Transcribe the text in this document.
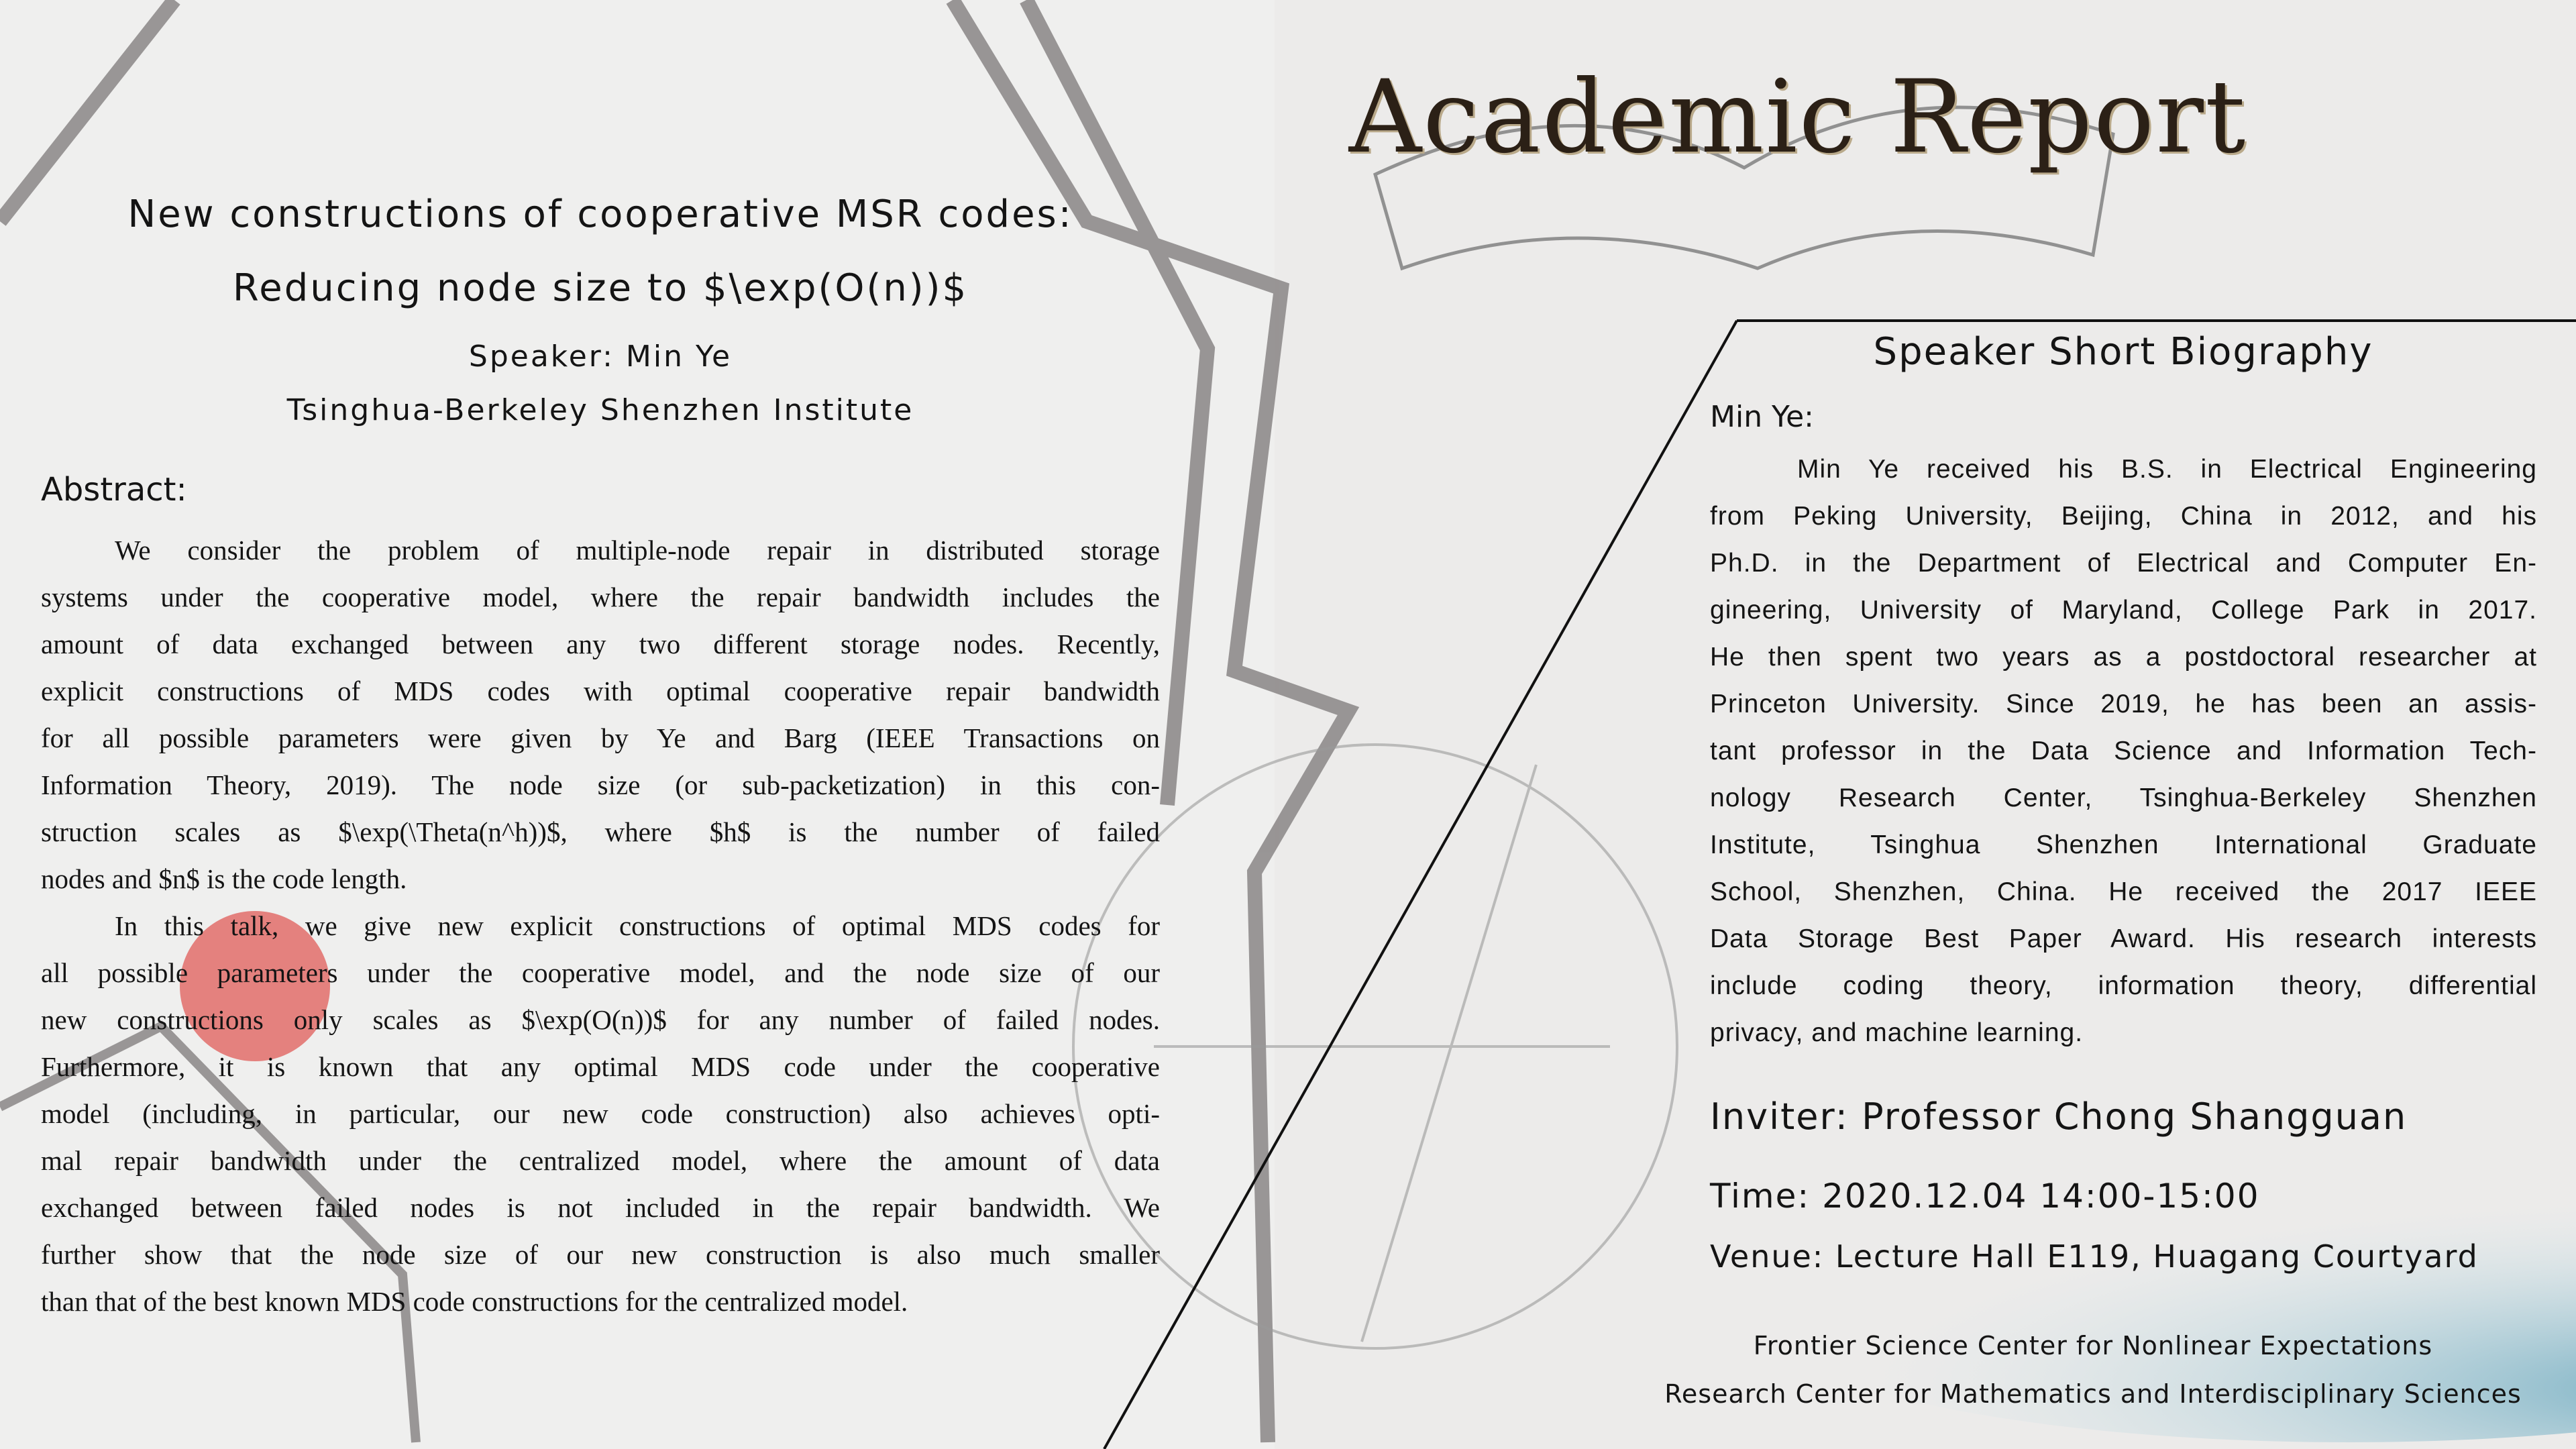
Academic Report
New constructions of cooperative MSR codes:
Reducing node size to $\exp(O(n))$
Speaker: Min Ye
Tsinghua-Berkeley Shenzhen Institute
Abstract:
We consider the problem of multiple-node repair in distributed storage
systems under the cooperative model, where the repair bandwidth includes the
amount of data exchanged between any two different storage nodes. Recently,
explicit constructions of MDS codes with optimal cooperative repair bandwidth
for all possible parameters were given by Ye and Barg (IEEE Transactions on
Information Theory, 2019). The node size (or sub-packetization) in this con-
struction scales as $\exp(\Theta(n^h))$, where $h$ is the number of failed
nodes and $n$ is the code length.
In this talk, we give new explicit constructions of optimal MDS codes for
all possible parameters under the cooperative model, and the node size of our
new constructions only scales as $\exp(O(n))$ for any number of failed nodes.
Furthermore, it is known that any optimal MDS code under the cooperative
model (including, in particular, our new code construction) also achieves opti-
mal repair bandwidth under the centralized model, where the amount of data
exchanged between failed nodes is not included in the repair bandwidth. We
further show that the node size of our new construction is also much smaller
than that of the best known MDS code constructions for the centralized model.
Speaker Short Biography
Min Ye:
Min Ye received his B.S. in Electrical Engineering
from Peking University, Beijing, China in 2012, and his
Ph.D. in the Department of Electrical and Computer En-
gineering, University of Maryland, College Park in 2017.
He then spent two years as a postdoctoral researcher at
Princeton University. Since 2019, he has been an assis-
tant professor in the Data Science and Information Tech-
nology Research Center, Tsinghua-Berkeley Shenzhen
Institute, Tsinghua Shenzhen International Graduate
School, Shenzhen, China. He received the 2017 IEEE
Data Storage Best Paper Award. His research interests
include coding theory, information theory, differential
privacy, and machine learning.
Inviter: Professor Chong Shangguan
Time: 2020.12.04 14:00-15:00
Venue: Lecture Hall E119, Huagang Courtyard
Frontier Science Center for Nonlinear Expectations
Research Center for Mathematics and Interdisciplinary Sciences
